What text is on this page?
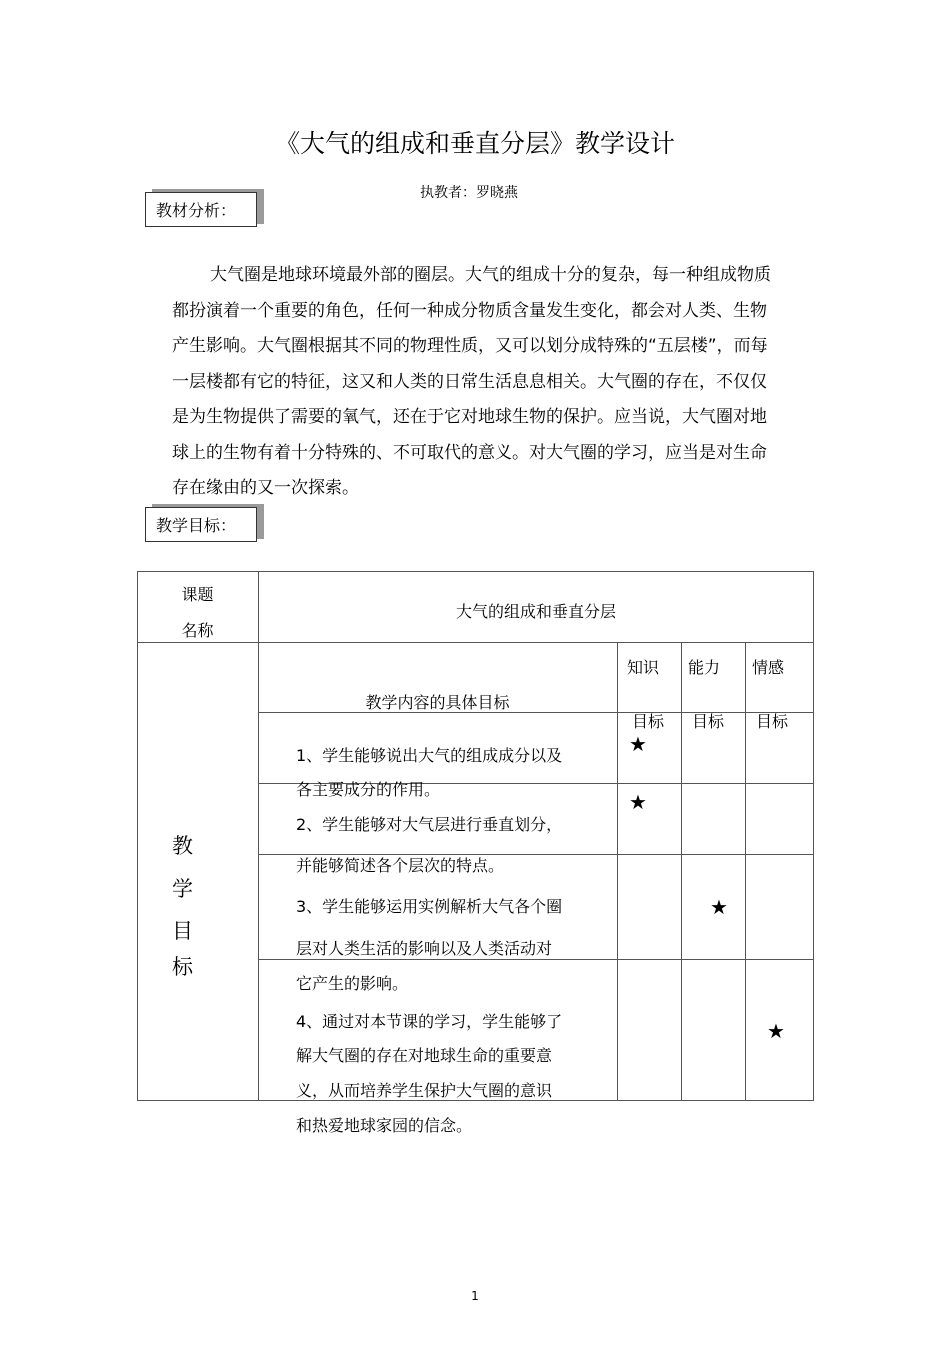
《大气的组成和垂直分层》教学设计
执教者：罗晓燕
教材分析：

大气圈是地球环境最外部的圈层。大气的组成十分的复杂，每一种组成物质都扮演着一个重要的角色，任何一种成分物质含量发生变化，都会对人类、生物产生影响。大气圈根据其不同的物理性质，又可以划分成特殊的“五层楼”，而每一层楼都有它的特征，这又和人类的日常生活息息相关。大气圈的存在，不仅仅是为生物提供了需要的氧气，还在于它对地球生物的保护。应当说，大气圈对地球上的生物有着十分特殊的、不可取代的意义。对大气圈的学习，应当是对生命存在缘由的又一次探索。

教学目标：
课题
名称
大气的组成和垂直分层
教
学
目
标
教学内容的具体目标
知识
目标
能力
目标
情感
目标
1、学生能够说出大气的组成成分以及
各主要成分的作用。
2、学生能够对大气层进行垂直划分，
并能够简述各个层次的特点。
3、学生能够运用实例解析大气各个圈
层对人类生活的影响以及人类活动对
它产生的影响。
4、通过对本节课的学习，学生能够了
解大气圈的存在对地球生命的重要意
义，从而培养学生保护大气圈的意识
和热爱地球家园的信念。
★
★
★
★
1
